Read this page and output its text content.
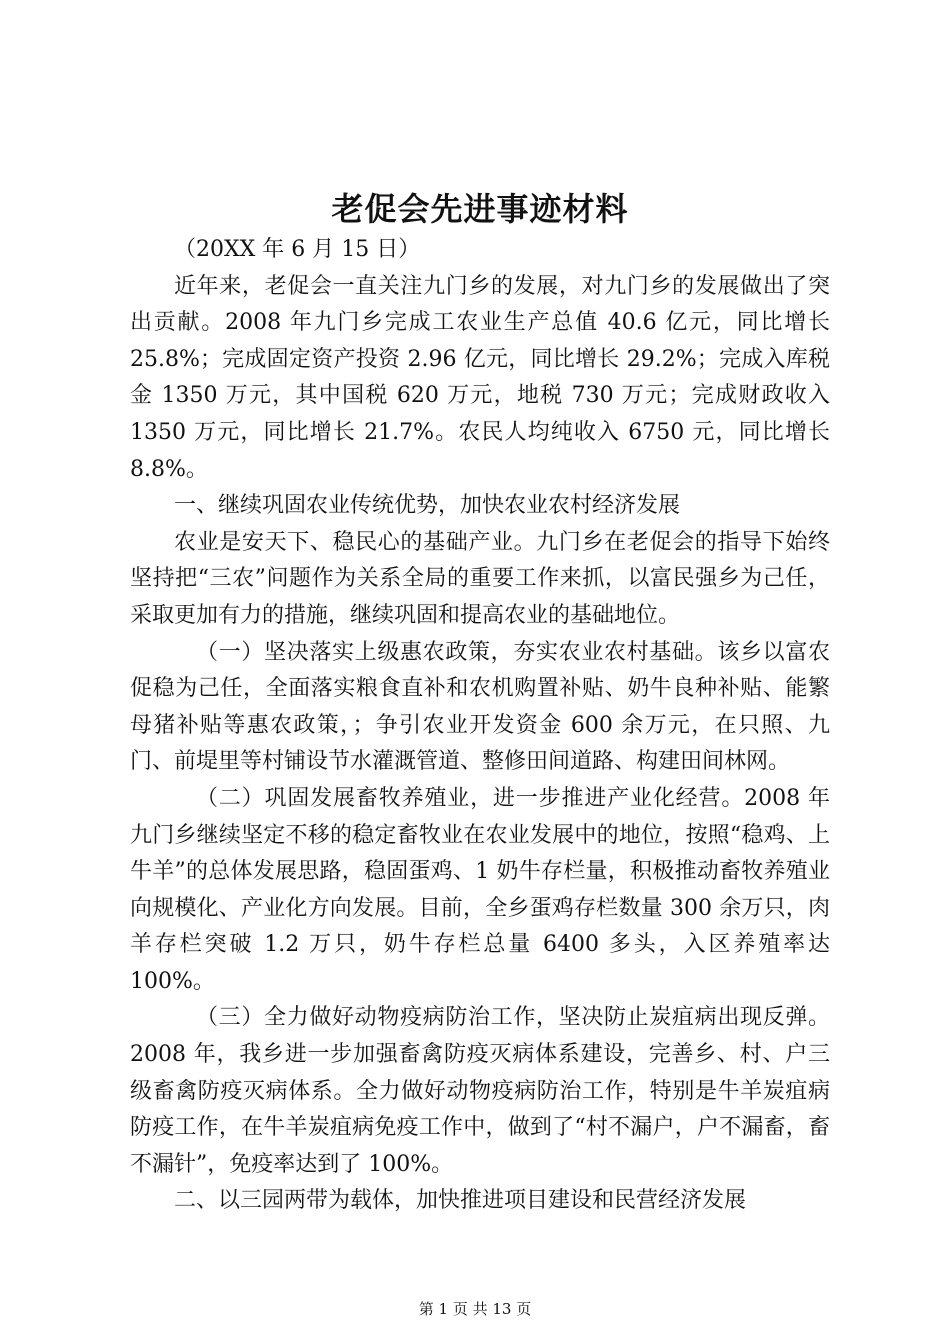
老促会先进事迹材料

（20XX 年 6 月 15 日）

近年来，老促会一直关注九门乡的发展，对九门乡的发展做出了突出贡献。2008 年九门乡完成工农业生产总值 40.6 亿元，同比增长 25.8%；完成固定资产投资 2.96 亿元，同比增长 29.2%；完成入库税金 1350 万元，其中国税 620 万元，地税 730 万元；完成财政收入 1350 万元，同比增长 21.7%。农民人均纯收入 6750 元，同比增长 8.8%。

一、继续巩固农业传统优势，加快农业农村经济发展

农业是安天下、稳民心的基础产业。九门乡在老促会的指导下始终坚持把“三农”问题作为关系全局的重要工作来抓，以富民强乡为己任，采取更加有力的措施，继续巩固和提高农业的基础地位。

（一）坚决落实上级惠农政策，夯实农业农村基础。该乡以富农促稳为己任，全面落实粮食直补和农机购置补贴、奶牛良种补贴、能繁母猪补贴等惠农政策，；争引农业开发资金 600 余万元，在只照、九门、前堤里等村铺设节水灌溉管道、整修田间道路、构建田间林网。

（二）巩固发展畜牧养殖业，进一步推进产业化经营。2008 年九门乡继续坚定不移的稳定畜牧业在农业发展中的地位，按照“稳鸡、上牛羊”的总体发展思路，稳固蛋鸡、1 奶牛存栏量，积极推动畜牧养殖业向规模化、产业化方向发展。目前，全乡蛋鸡存栏数量 300 余万只，肉羊存栏突破 1.2 万只，奶牛存栏总量 6400 多头，入区养殖率达 100%。

（三）全力做好动物疫病防治工作，坚决防止炭疽病出现反弹。2008 年，我乡进一步加强畜禽防疫灭病体系建设，完善乡、村、户三级畜禽防疫灭病体系。全力做好动物疫病防治工作，特别是牛羊炭疽病防疫工作，在牛羊炭疽病免疫工作中，做到了“村不漏户，户不漏畜，畜不漏针”，免疫率达到了 100%。

二、以三园两带为载体，加快推进项目建设和民营经济发展

第 1 页 共 13 页
